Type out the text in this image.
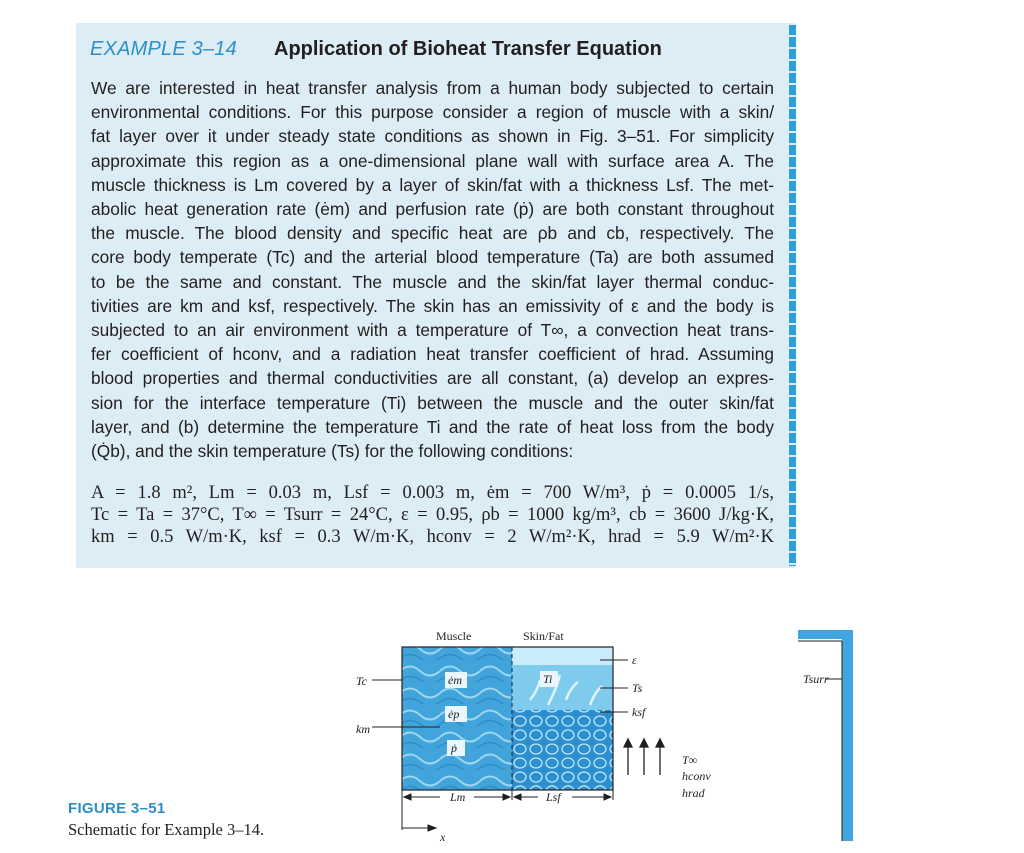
EXAMPLE 3–14 Application of Bioheat Transfer Equation
We are interested in heat transfer analysis from a human body subjected to certain
environmental conditions. For this purpose consider a region of muscle with a skin/
fat layer over it under steady state conditions as shown in Fig. 3–51. For simplicity
approximate this region as a one-dimensional plane wall with surface area A. The
muscle thickness is Lm covered by a layer of skin/fat with a thickness Lsf. The met-
abolic heat generation rate (ėm) and perfusion rate (ṗ) are both constant throughout
the muscle. The blood density and specific heat are ρb and cb, respectively. The
core body temperate (Tc) and the arterial blood temperature (Ta) are both assumed
to be the same and constant. The muscle and the skin/fat layer thermal conduc-
tivities are km and ksf, respectively. The skin has an emissivity of ε and the body is
subjected to an air environment with a temperature of T∞, a convection heat trans-
fer coefficient of hconv, and a radiation heat transfer coefficient of hrad. Assuming
blood properties and thermal conductivities are all constant, (a) develop an expres-
sion for the interface temperature (Ti) between the muscle and the outer skin/fat
layer, and (b) determine the temperature Ti and the rate of heat loss from the body
(Q̇b), and the skin temperature (Ts) for the following conditions:
A = 1.8 m², Lm = 0.03 m, Lsf = 0.003 m, ėm = 700 W/m³, ṗ = 0.0005 1/s,
Tc = Ta = 37°C, T∞ = Tsurr = 24°C, ε = 0.95, ρb = 1000 kg/m³, cb = 3600 J/kg·K,
km = 0.5 W/m·K, ksf = 0.3 W/m·K, hconv = 2 W/m²·K, hrad = 5.9 W/m²·K
FIGURE 3–51
Schematic for Example 3–14.
Muscle	Skin/Fat
Tc
km
ėm
ėp
ṗ
Ti
ε
Ts
ksf
T∞
hconv
hrad
Tsurr
Lm	Lsf
x
